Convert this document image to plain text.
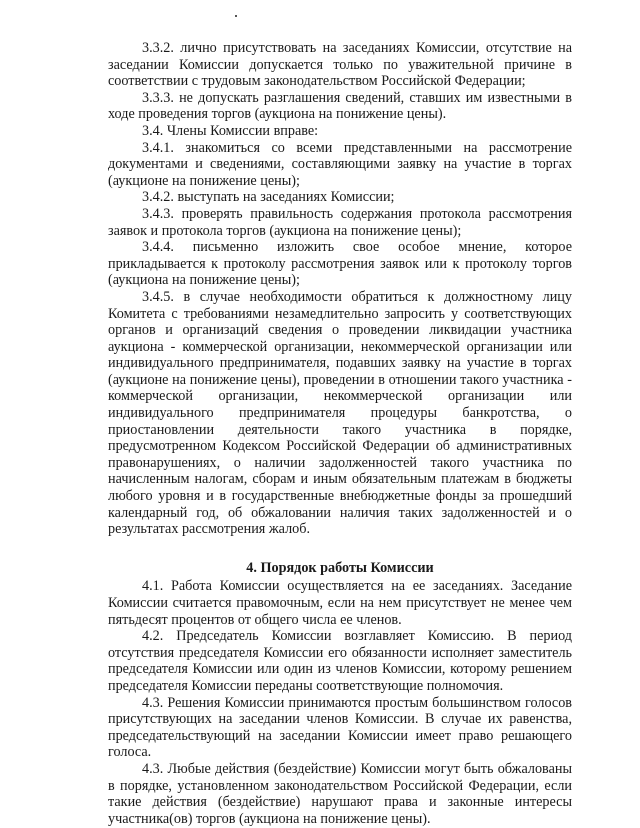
3.3.2. лично присутствовать на заседаниях Комиссии, отсутствие на заседании Комиссии допускается только по уважительной причине в соответствии с трудовым законодательством Российской Федерации;

3.3.3. не допускать разглашения сведений, ставших им известными в ходе проведения торгов (аукциона на понижение цены).

3.4. Члены Комиссии вправе:

3.4.1. знакомиться со всеми представленными на рассмотрение документами и сведениями, составляющими заявку на участие в торгах (аукционе на понижение цены);

3.4.2. выступать на заседаниях Комиссии;

3.4.3. проверять правильность содержания протокола рассмотрения заявок и протокола торгов (аукциона на понижение цены);

3.4.4. письменно изложить свое особое мнение, которое прикладывается к протоколу рассмотрения заявок или к протоколу торгов (аукциона на понижение цены);

3.4.5. в случае необходимости обратиться к должностному лицу Комитета с требованиями незамедлительно запросить у соответствующих органов и организаций сведения о проведении ликвидации участника аукциона - коммерческой организации, некоммерческой организации или индивидуального предпринимателя, подавших заявку на участие в торгах (аукционе на понижение цены), проведении в отношении такого участника - коммерческой организации, некоммерческой организации или индивидуального предпринимателя процедуры банкротства, о приостановлении деятельности такого участника в порядке, предусмотренном Кодексом Российской Федерации об административных правонарушениях, о наличии задолженностей такого участника по начисленным налогам, сборам и иным обязательным платежам в бюджеты любого уровня и в государственные внебюджетные фонды за прошедший календарный год, об обжаловании наличия таких задолженностей и о результатах рассмотрения жалоб.

4. Порядок работы Комиссии

4.1. Работа Комиссии осуществляется на ее заседаниях. Заседание Комиссии считается правомочным, если на нем присутствует не менее чем пятьдесят процентов от общего числа ее членов.

4.2. Председатель Комиссии возглавляет Комиссию. В период отсутствия председателя Комиссии его обязанности исполняет заместитель председателя Комиссии или один из членов Комиссии, которому решением председателя Комиссии переданы соответствующие полномочия.

4.3. Решения Комиссии принимаются простым большинством голосов присутствующих на заседании членов Комиссии. В случае их равенства, председательствующий на заседании Комиссии имеет право решающего голоса.

4.3. Любые действия (бездействие) Комиссии могут быть обжалованы в порядке, установленном законодательством Российской Федерации, если такие действия (бездействие) нарушают права и законные интересы участника(ов) торгов (аукциона на понижение цены).
